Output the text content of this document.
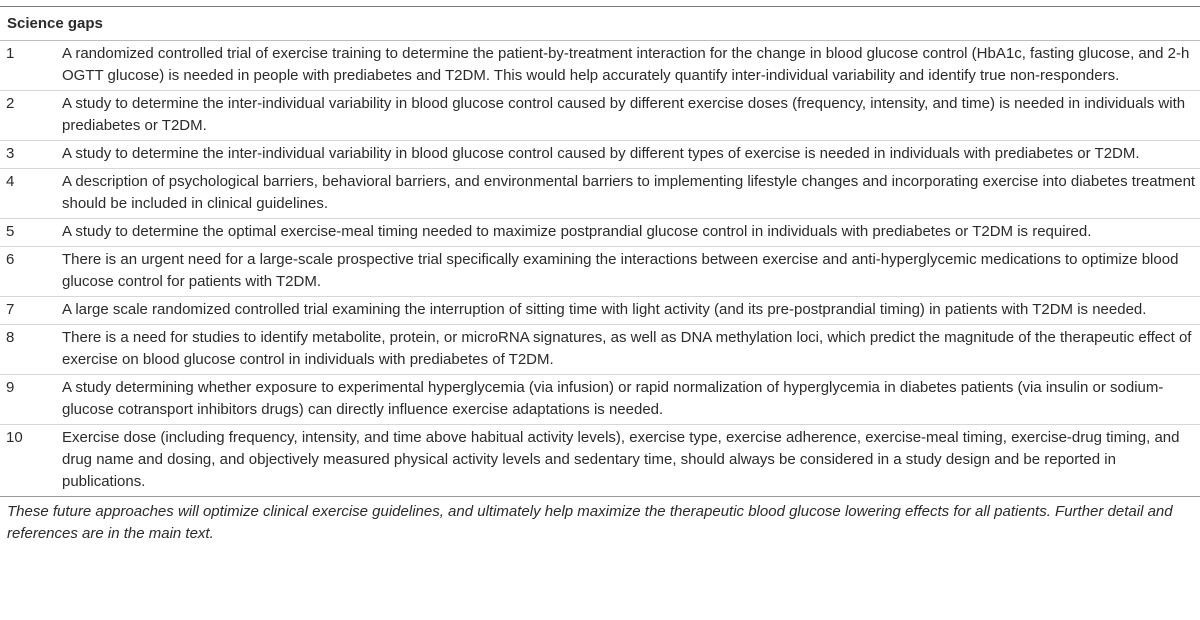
Science gaps
1	A randomized controlled trial of exercise training to determine the patient-by-treatment interaction for the change in blood glucose control (HbA1c, fasting glucose, and 2-h OGTT glucose) is needed in people with prediabetes and T2DM. This would help accurately quantify inter-individual variability and identify true non-responders.
2	A study to determine the inter-individual variability in blood glucose control caused by different exercise doses (frequency, intensity, and time) is needed in individuals with prediabetes or T2DM.
3	A study to determine the inter-individual variability in blood glucose control caused by different types of exercise is needed in individuals with prediabetes or T2DM.
4	A description of psychological barriers, behavioral barriers, and environmental barriers to implementing lifestyle changes and incorporating exercise into diabetes treatment should be included in clinical guidelines.
5	A study to determine the optimal exercise-meal timing needed to maximize postprandial glucose control in individuals with prediabetes or T2DM is required.
6	There is an urgent need for a large-scale prospective trial specifically examining the interactions between exercise and anti-hyperglycemic medications to optimize blood glucose control for patients with T2DM.
7	A large scale randomized controlled trial examining the interruption of sitting time with light activity (and its pre-postprandial timing) in patients with T2DM is needed.
8	There is a need for studies to identify metabolite, protein, or microRNA signatures, as well as DNA methylation loci, which predict the magnitude of the therapeutic effect of exercise on blood glucose control in individuals with prediabetes of T2DM.
9	A study determining whether exposure to experimental hyperglycemia (via infusion) or rapid normalization of hyperglycemia in diabetes patients (via insulin or sodium-glucose cotransport inhibitors drugs) can directly influence exercise adaptations is needed.
10	Exercise dose (including frequency, intensity, and time above habitual activity levels), exercise type, exercise adherence, exercise-meal timing, exercise-drug timing, and drug name and dosing, and objectively measured physical activity levels and sedentary time, should always be considered in a study design and be reported in publications.
These future approaches will optimize clinical exercise guidelines, and ultimately help maximize the therapeutic blood glucose lowering effects for all patients. Further detail and references are in the main text.
